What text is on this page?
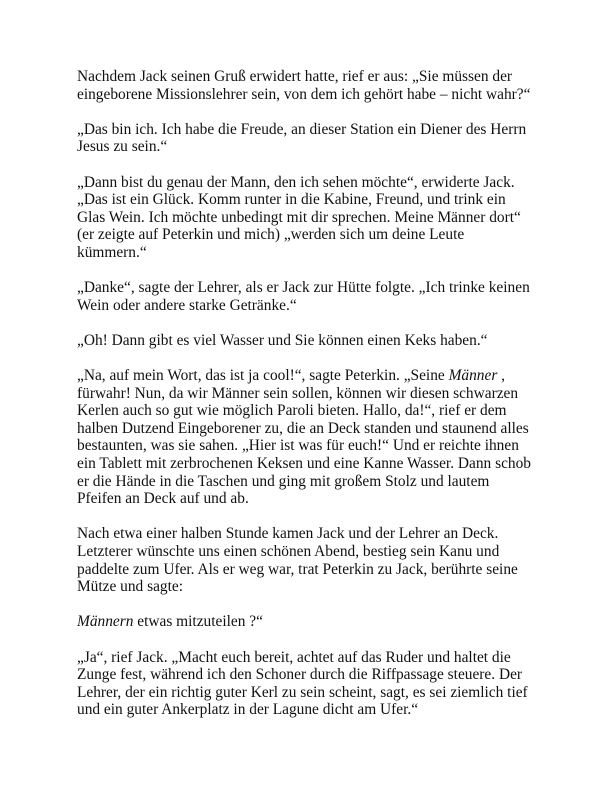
Nachdem Jack seinen Gruß erwidert hatte, rief er aus: „Sie müssen der eingeborene Missionslehrer sein, von dem ich gehört habe – nicht wahr?“

„Das bin ich. Ich habe die Freude, an dieser Station ein Diener des Herrn Jesus zu sein.“

„Dann bist du genau der Mann, den ich sehen möchte“, erwiderte Jack. „Das ist ein Glück. Komm runter in die Kabine, Freund, und trink ein Glas Wein. Ich möchte unbedingt mit dir sprechen. Meine Männer dort“ (er zeigte auf Peterkin und mich) „werden sich um deine Leute kümmern.“

„Danke“, sagte der Lehrer, als er Jack zur Hütte folgte. „Ich trinke keinen Wein oder andere starke Getränke.“

„Oh! Dann gibt es viel Wasser und Sie können einen Keks haben.“

„Na, auf mein Wort, das ist ja cool!“, sagte Peterkin. „Seine Männer , fürwahr! Nun, da wir Männer sein sollen, können wir diesen schwarzen Kerlen auch so gut wie möglich Paroli bieten. Hallo, da!“, rief er dem halben Dutzend Eingeborener zu, die an Deck standen und staunend alles bestaunten, was sie sahen. „Hier ist was für euch!“ Und er reichte ihnen ein Tablett mit zerbrochenen Keksen und eine Kanne Wasser. Dann schob er die Hände in die Taschen und ging mit großem Stolz und lautem Pfeifen an Deck auf und ab.

Nach etwa einer halben Stunde kamen Jack und der Lehrer an Deck. Letzterer wünschte uns einen schönen Abend, bestieg sein Kanu und paddelte zum Ufer. Als er weg war, trat Peterkin zu Jack, berührte seine Mütze und sagte:

Männern etwas mitzuteilen ?“

„Ja“, rief Jack. „Macht euch bereit, achtet auf das Ruder und haltet die Zunge fest, während ich den Schoner durch die Riffpassage steuere. Der Lehrer, der ein richtig guter Kerl zu sein scheint, sagt, es sei ziemlich tief und ein guter Ankerplatz in der Lagune dicht am Ufer.“
